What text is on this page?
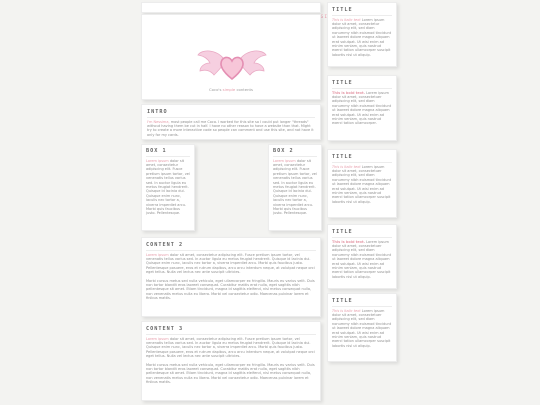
Coco's simple contents
INTRO

I'm Nessima, most people call me Coco. I worked for this site so I could put longer "threads" without having them be cut in half. I have no other reason to have a website than that. Might try to create a more interactive code so people can comment and use this site, and not have it only for my cards.

BOX 1

Lorem ipsum dolor sit amet, consectetur adipiscing elit. Fusce pretium ipsum tortor, vel venenatis tellus varius sed. In auctor ligula eu metus feugiat hendrerit. Quisque id lacinia dui. Quisque enim nunc, iaculis nec tortor a, viverra imperdiet arcu. Morbi quis faucibus justo. Pellentesque.

BOX 2

Lorem ipsum dolor sit amet, consectetur adipiscing elit. Fusce pretium ipsum tortor, vel venenatis tellus varius sed. In auctor ligula eu metus feugiat hendrerit. Quisque id lacinia dui. Quisque enim nunc, iaculis nec tortor a, viverra imperdiet arcu. Morbi quis faucibus justo. Pellentesque.

CONTENT 2

Lorem ipsum dolor sit amet, consectetur adipiscing elit. Fusce pretium ipsum tortor, vel venenatis tellus varius sed. In auctor ligula eu metus feugiat hendrerit. Quisque id lacinia dui. Quisque enim nunc, iaculis nec tortor a, viverra imperdiet arcu. Morbi quis faucibus justo. Pellentesque posuere, eros et rutrum dapibus, arcu arcu interdum neque, at volutpat neque orci eget tellus. Nulla vel lectus nec ante suscipit ultricies.

Morbi cursus metus sed nulla vehicula, eget ullamcorper ex fringilla. Mauris eu varius velit. Duis non tortor blandit eros laoreet consequat. Curabitur mattis erat nulla, eget sagittis nibh pellentesque sit amet. Etiam tincidunt, magna id sagittis eleifend, nisl metus consequat nulla, non venenatis metus nulla eu libero. Morbi vel consectetur odio. Maecenas pulvinar lorem et finibus mattis.

CONTENT 3

Lorem ipsum dolor sit amet, consectetur adipiscing elit. Fusce pretium ipsum tortor, vel venenatis tellus varius sed. In auctor ligula eu metus feugiat hendrerit. Quisque id lacinia dui. Quisque enim nunc, iaculis nec tortor a, viverra imperdiet arcu. Morbi quis faucibus justo. Pellentesque posuere, eros et rutrum dapibus, arcu arcu interdum neque, at volutpat neque orci eget tellus. Nulla vel lectus nec ante suscipit ultricies.

Morbi cursus metus sed nulla vehicula, eget ullamcorper ex fringilla. Mauris eu varius velit. Duis non tortor blandit eros laoreet consequat. Curabitur mattis erat nulla, eget sagittis nibh pellentesque sit amet. Etiam tincidunt, magna id sagittis eleifend, nisl metus consequat nulla, non venenatis metus nulla eu libero. Morbi vel consectetur odio. Maecenas pulvinar lorem et finibus mattis.

TITLE

This is italic text Lorem ipsum dolor sit amet, consectetur adipiscing elit, sed diam nonummy nibh euismod tincidunt ut laoreet dolore magna aliquam erat volutpat. Ut wisi enim ad minim veniam, quis nostrud exerci tation ullamcorper suscipit lobortis nisl ut aliquip.

TITLE

This is bold text. Lorem ipsum dolor sit amet, consectetuer adipiscing elit, sed diam nonummy nibh euismod tincidunt ut laoreet dolore magna aliquam erat volutpat. Ut wisi enim ad minim veniam, quis nostrud exerci tation ullamcorper.

TITLE

This is italic text Lorem ipsum dolor sit amet, consectetuer adipiscing elit, sed diam nonummy nibh euismod tincidunt ut laoreet dolore magna aliquam erat volutpat. Ut wisi enim ad minim veniam, quis nostrud exerci tation ullamcorper suscipit lobortis nisl ut aliquip.

TITLE

This is bold text. Lorem ipsum dolor sit amet, consectetuer adipiscing elit, sed diam nonummy nibh euismod tincidunt ut laoreet dolore magna aliquam erat volutpat. Ut wisi enim ad minim veniam, quis nostrud exerci tation ullamcorper suscipit lobortis nisl ut aliquip.

TITLE

This is italic text Lorem ipsum dolor sit amet, consectetuer adipiscing elit, sed diam nonummy nibh euismod tincidunt ut laoreet dolore magna aliquam erat volutpat. Ut wisi enim ad minim veniam, quis nostrud exerci tation ullamcorper suscipit lobortis nisl ut aliquip.
